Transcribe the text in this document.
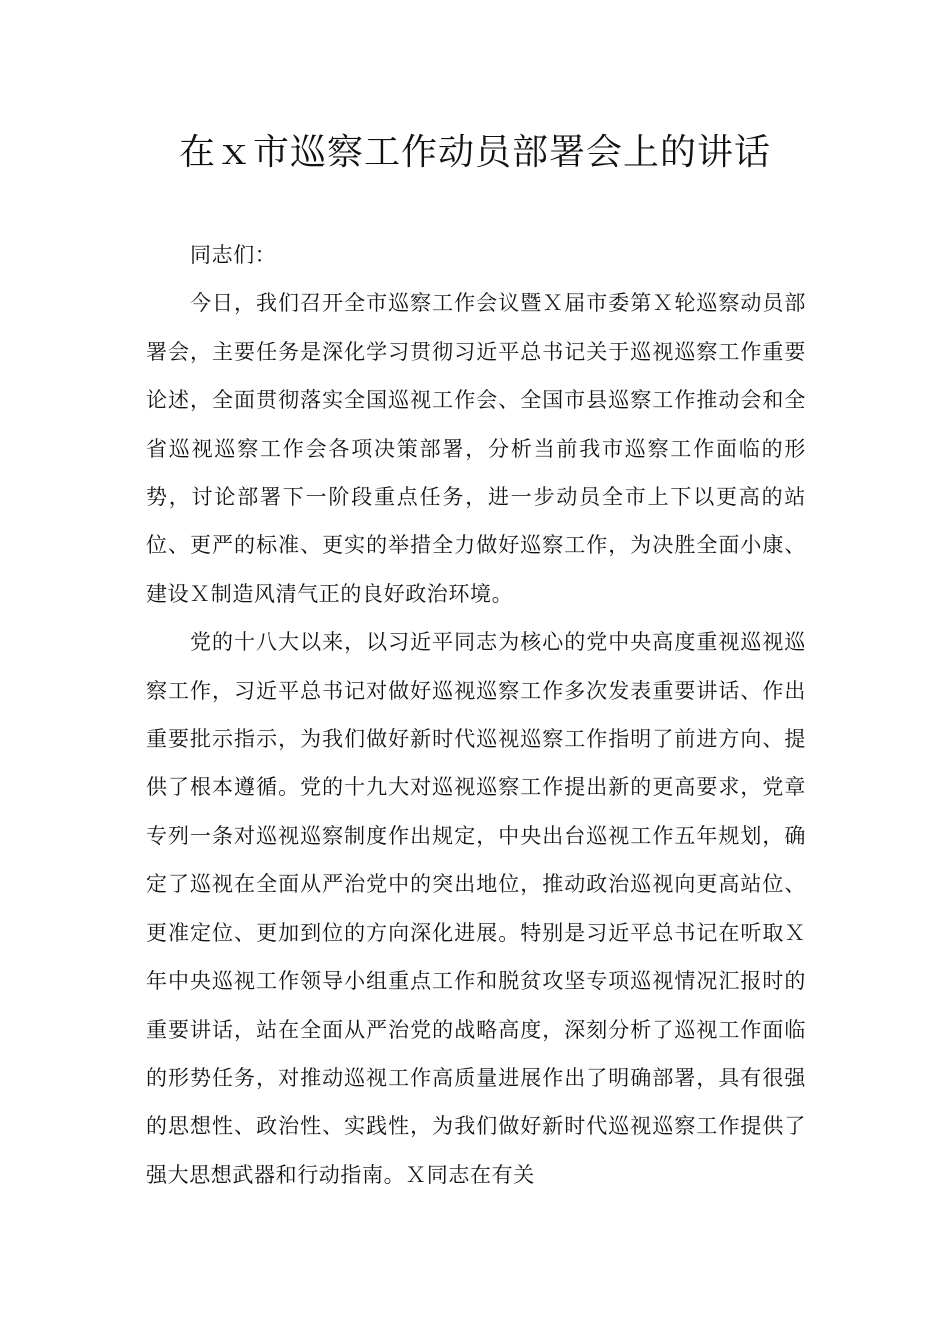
在ｘ市巡察工作动员部署会上的讲话

同志们：

今日，我们召开全市巡察工作会议暨Ｘ届市委第Ｘ轮巡察动员部署会，主要任务是深化学习贯彻习近平总书记关于巡视巡察工作重要论述，全面贯彻落实全国巡视工作会、全国市县巡察工作推动会和全省巡视巡察工作会各项决策部署，分析当前我市巡察工作面临的形势，讨论部署下一阶段重点任务，进一步动员全市上下以更高的站位、更严的标准、更实的举措全力做好巡察工作，为决胜全面小康、建设Ｘ制造风清气正的良好政治环境。

党的十八大以来，以习近平同志为核心的党中央高度重视巡视巡察工作，习近平总书记对做好巡视巡察工作多次发表重要讲话、作出重要批示指示，为我们做好新时代巡视巡察工作指明了前进方向、提供了根本遵循。党的十九大对巡视巡察工作提出新的更高要求，党章专列一条对巡视巡察制度作出规定，中央出台巡视工作五年规划，确定了巡视在全面从严治党中的突出地位，推动政治巡视向更高站位、更准定位、更加到位的方向深化进展。特别是习近平总书记在听取Ｘ年中央巡视工作领导小组重点工作和脱贫攻坚专项巡视情况汇报时的重要讲话，站在全面从严治党的战略高度，深刻分析了巡视工作面临的形势任务，对推动巡视工作高质量进展作出了明确部署，具有很强的思想性、政治性、实践性，为我们做好新时代巡视巡察工作提供了强大思想武器和行动指南。Ｘ同志在有关
